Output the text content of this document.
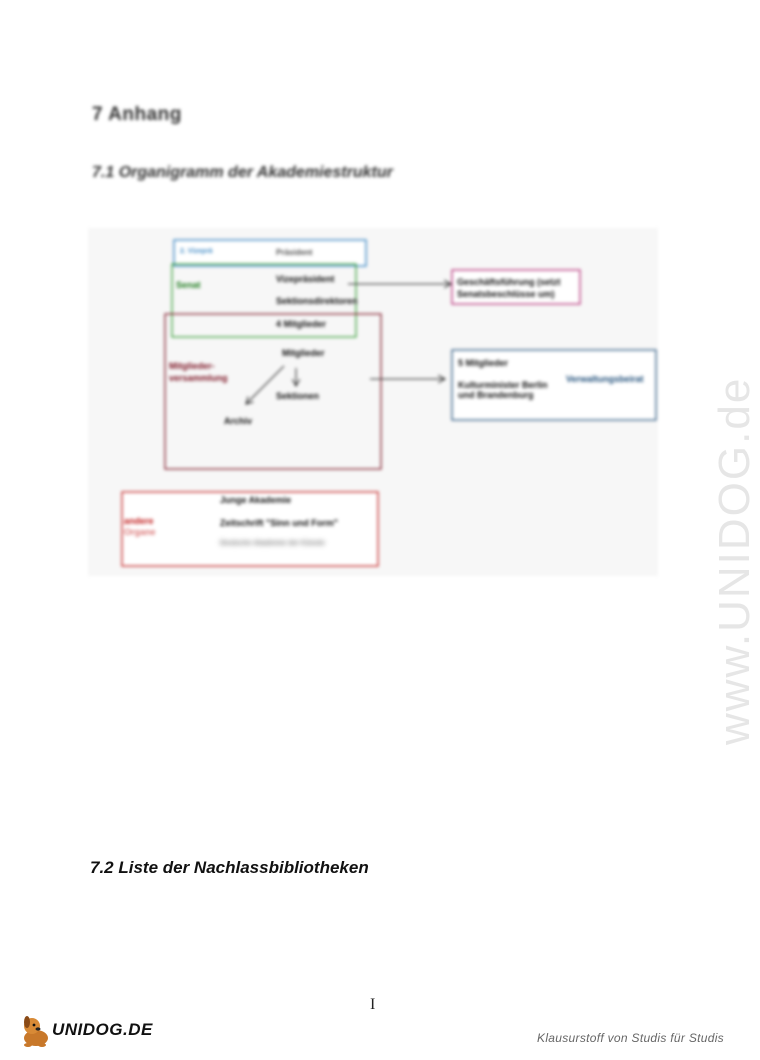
7 Anhang
7.1 Organigramm der Akademiestruktur
2. Vizeprä	Präsident
Senat
Vizepräsident
Sektionsdirektoren
4 Mitglieder
Mitglieder-
versammlung
Mitglieder
Sektionen
Archiv
Geschäftsführung (setzt
Senatsbeschlüsse um)
5 Mitglieder
Kulturminister Berlin
und Brandenburg
Verwaltungsbeirat
andere
Organe
Junge Akademie
Zeitschrift "Sinn und Form"
Deutsche Akademie der Künste
7.2 Liste der Nachlassbibliotheken
I
www.UNIDOG.de
UNIDOG.DE	Klausurstoff von Studis für Studis
